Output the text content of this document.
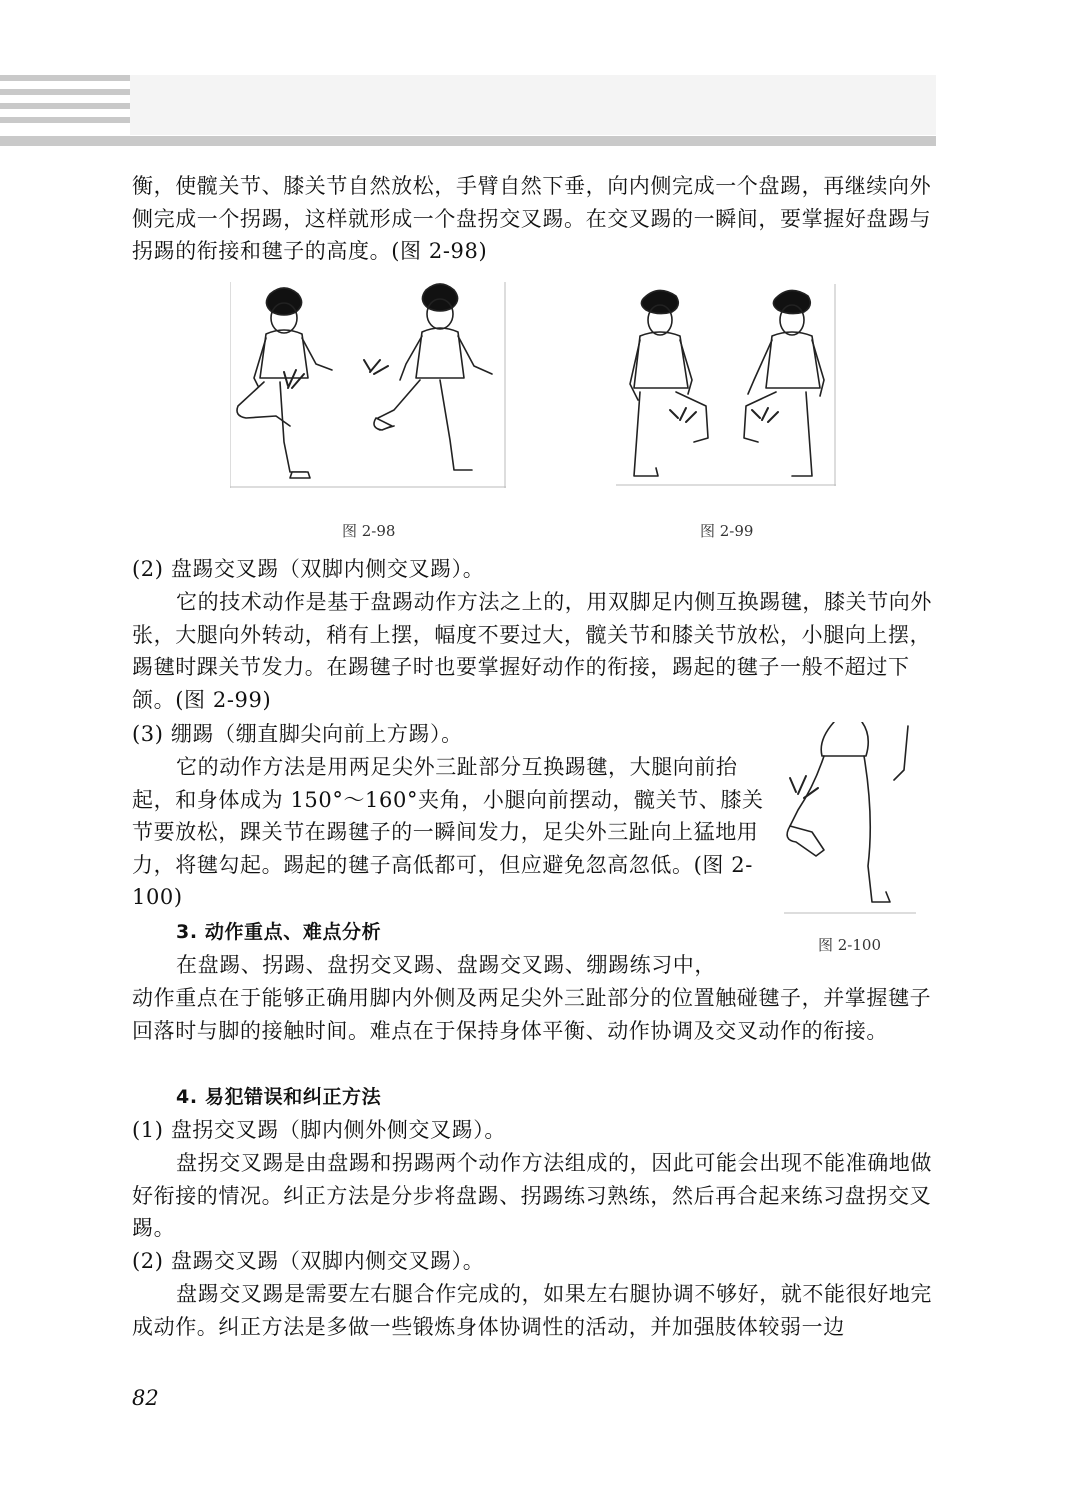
衡，使髋关节、膝关节自然放松，手臂自然下垂，向内侧完成一个盘踢，再继续向外侧完成一个拐踢，这样就形成一个盘拐交叉踢。在交叉踢的一瞬间，要掌握好盘踢与拐踢的衔接和毽子的高度。(图 2-98)

图 2-98	图 2-99

(2) 盘踢交叉踢（双脚内侧交叉踢）。

它的技术动作是基于盘踢动作方法之上的，用双脚足内侧互换踢毽，膝关节向外张，大腿向外转动，稍有上摆，幅度不要过大，髋关节和膝关节放松，小腿向上摆，踢毽时踝关节发力。在踢毽子时也要掌握好动作的衔接，踢起的毽子一般不超过下颌。(图 2-99)

(3) 绷踢（绷直脚尖向前上方踢）。

它的动作方法是用两足尖外三趾部分互换踢毽，大腿向前抬起，和身体成为 150°～160°夹角，小腿向前摆动，髋关节、膝关节要放松，踝关节在踢毽子的一瞬间发力，足尖外三趾向上猛地用力，将毽勾起。踢起的毽子高低都可，但应避免忽高忽低。(图 2-100)

图 2-100

3. 动作重点、难点分析

在盘踢、拐踢、盘拐交叉踢、盘踢交叉踢、绷踢练习中，

动作重点在于能够正确用脚内外侧及两足尖外三趾部分的位置触碰毽子，并掌握毽子回落时与脚的接触时间。难点在于保持身体平衡、动作协调及交叉动作的衔接。

4. 易犯错误和纠正方法

(1) 盘拐交叉踢（脚内侧外侧交叉踢）。

盘拐交叉踢是由盘踢和拐踢两个动作方法组成的，因此可能会出现不能准确地做好衔接的情况。纠正方法是分步将盘踢、拐踢练习熟练，然后再合起来练习盘拐交叉踢。

(2) 盘踢交叉踢（双脚内侧交叉踢）。

盘踢交叉踢是需要左右腿合作完成的，如果左右腿协调不够好，就不能很好地完成动作。纠正方法是多做一些锻炼身体协调性的活动，并加强肢体较弱一边

82
